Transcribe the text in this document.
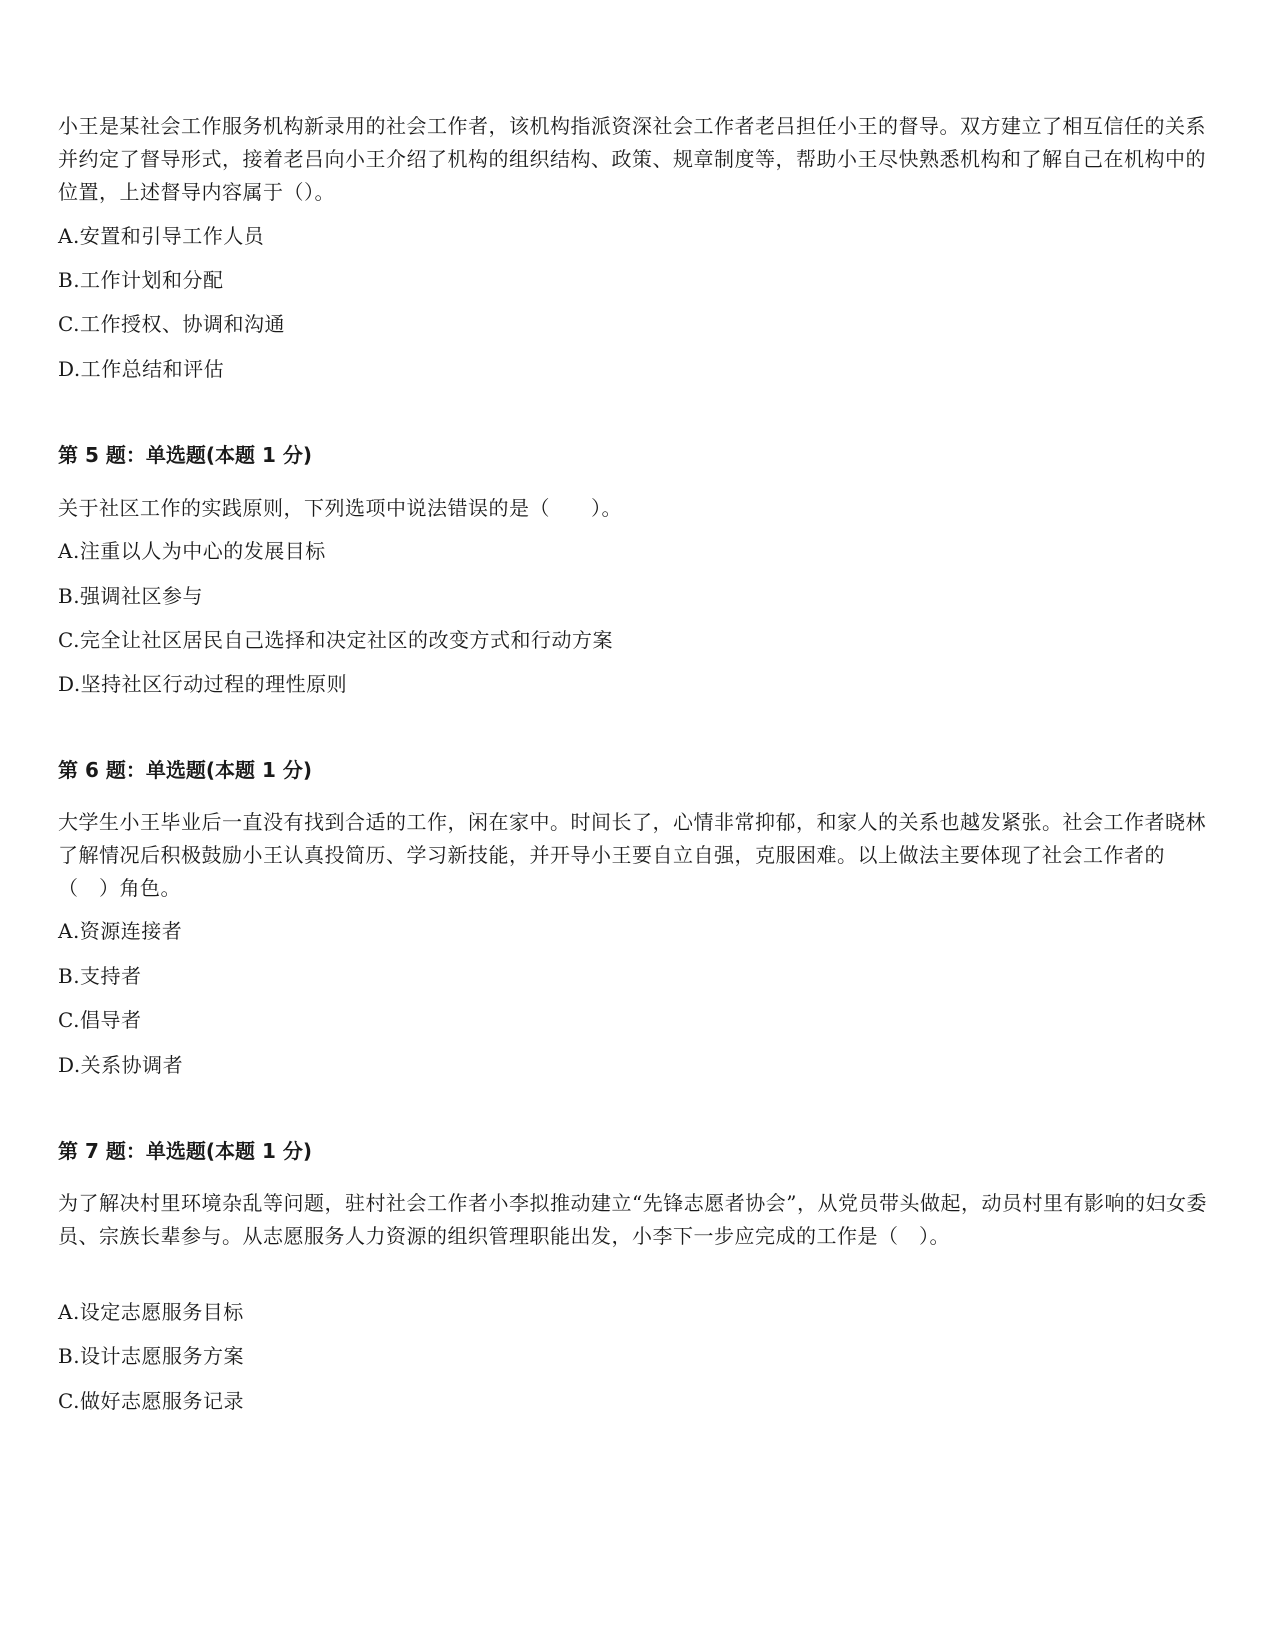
小王是某社会工作服务机构新录用的社会工作者，该机构指派资深社会工作者老吕担任小王的督导。双方建立了相互信任的关系并约定了督导形式，接着老吕向小王介绍了机构的组织结构、政策、规章制度等，帮助小王尽快熟悉机构和了解自己在机构中的位置，上述督导内容属于（）。

A.安置和引导工作人员

B.工作计划和分配

C.工作授权、协调和沟通

D.工作总结和评估

第 5 题：单选题(本题 1 分)

关于社区工作的实践原则，下列选项中说法错误的是（　　）。

A.注重以人为中心的发展目标

B.强调社区参与

C.完全让社区居民自己选择和决定社区的改变方式和行动方案

D.坚持社区行动过程的理性原则

第 6 题：单选题(本题 1 分)

大学生小王毕业后一直没有找到合适的工作，闲在家中。时间长了，心情非常抑郁，和家人的关系也越发紧张。社会工作者晓林了解情况后积极鼓励小王认真投简历、学习新技能，并开导小王要自立自强，克服困难。以上做法主要体现了社会工作者的（　）角色。

A.资源连接者

B.支持者

C.倡导者

D.关系协调者

第 7 题：单选题(本题 1 分)

为了解决村里环境杂乱等问题，驻村社会工作者小李拟推动建立“先锋志愿者协会”，从党员带头做起，动员村里有影响的妇女委员、宗族长辈参与。从志愿服务人力资源的组织管理职能出发，小李下一步应完成的工作是（　）。

A.设定志愿服务目标

B.设计志愿服务方案

C.做好志愿服务记录
